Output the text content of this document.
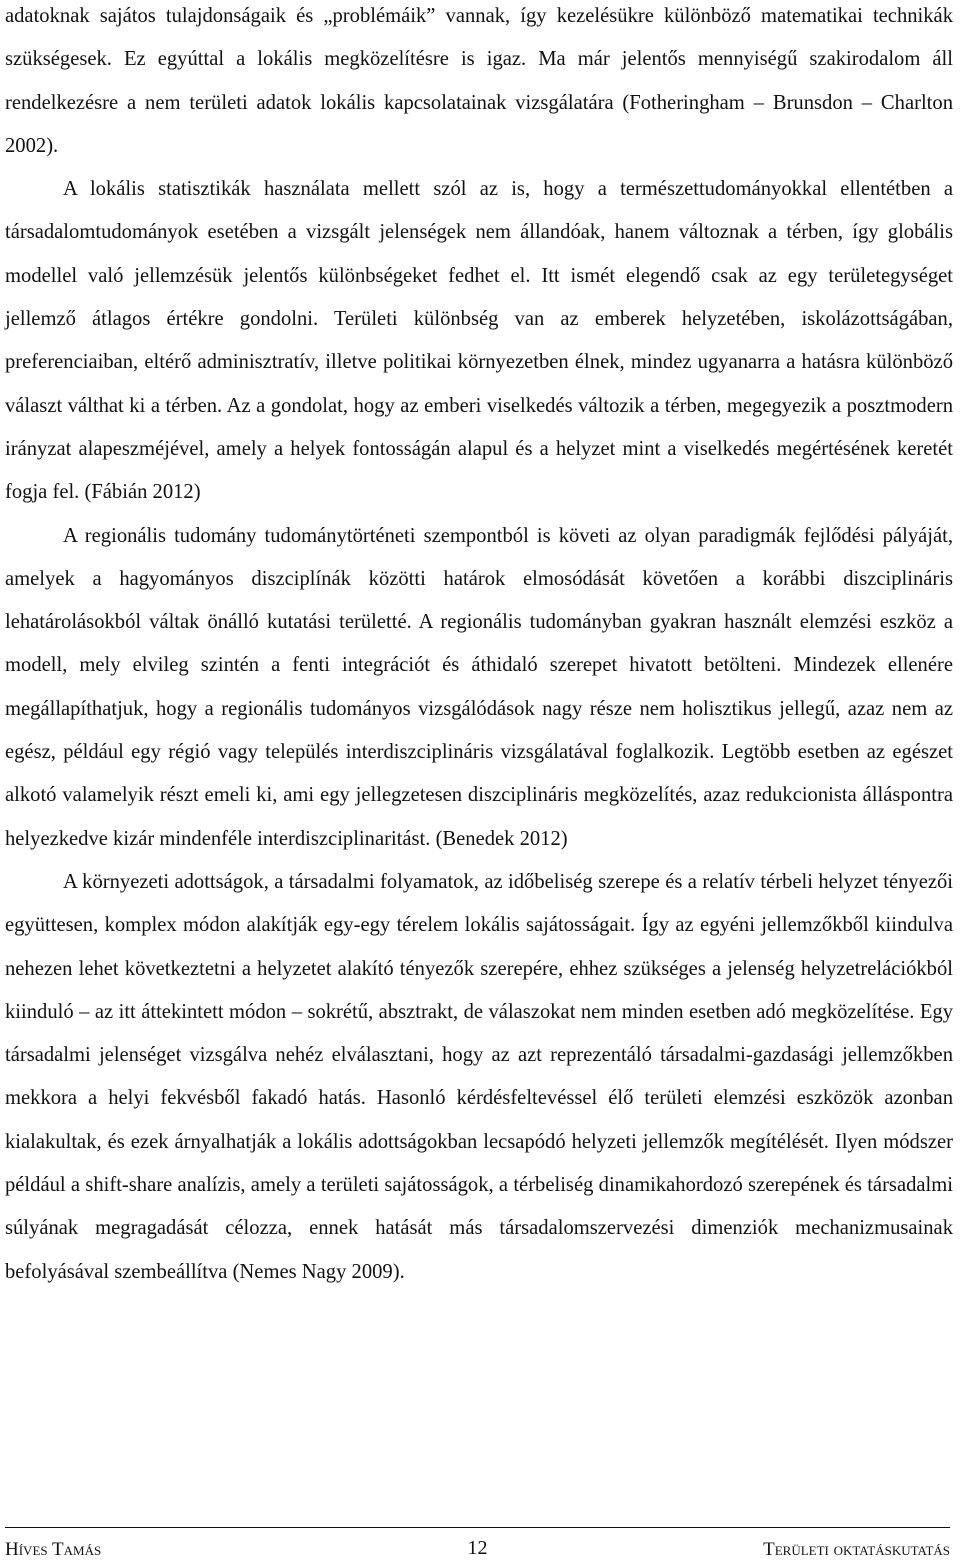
adatoknak sajátos tulajdonságaik és „problémáik” vannak, így kezelésükre különböző matematikai technikák szükségesek. Ez egyúttal a lokális megközelítésre is igaz. Ma már jelentős mennyiségű szakirodalom áll rendelkezésre a nem területi adatok lokális kapcsolatainak vizsgálatára (Fotheringham – Brunsdon – Charlton 2002).

A lokális statisztikák használata mellett szól az is, hogy a természettudományokkal ellentétben a társadalomtudományok esetében a vizsgált jelenségek nem állandóak, hanem változnak a térben, így globális modellel való jellemzésük jelentős különbségeket fedhet el. Itt ismét elegendő csak az egy területegységet jellemző átlagos értékre gondolni. Területi különbség van az emberek helyzetében, iskolázottságában, preferenciaiban, eltérő adminisztratív, illetve politikai környezetben élnek, mindez ugyanarra a hatásra különböző választ válthat ki a térben. Az a gondolat, hogy az emberi viselkedés változik a térben, megegyezik a posztmodern irányzat alapeszméjével, amely a helyek fontosságán alapul és a helyzet mint a viselkedés megértésének keretét fogja fel. (Fábián 2012)

A regionális tudomány tudománytörténeti szempontból is követi az olyan paradigmák fejlődési pályáját, amelyek a hagyományos diszciplínák közötti határok elmosódását követően a korábbi diszciplináris lehatárolásokból váltak önálló kutatási területté. A regionális tudományban gyakran használt elemzési eszköz a modell, mely elvileg szintén a fenti integrációt és áthidaló szerepet hivatott betölteni. Mindezek ellenére megállapíthatjuk, hogy a regionális tudományos vizsgálódások nagy része nem holisztikus jellegű, azaz nem az egész, például egy régió vagy település interdiszciplináris vizsgálatával foglalkozik. Legtöbb esetben az egészet alkotó valamelyik részt emeli ki, ami egy jellegzetesen diszciplináris megközelítés, azaz redukcionista álláspontra helyezkedve kizár mindenféle interdiszciplinaritást. (Benedek 2012)

A környezeti adottságok, a társadalmi folyamatok, az időbeliség szerepe és a relatív térbeli helyzet tényezői együttesen, komplex módon alakítják egy-egy térelem lokális sajátosságait. Így az egyéni jellemzőkből kiindulva nehezen lehet következtetni a helyzetet alakító tényezők szerepére, ehhez szükséges a jelenség helyzetrelációkból kiinduló – az itt áttekintett módon – sokrétű, absztrakt, de válaszokat nem minden esetben adó megközelítése. Egy társadalmi jelenséget vizsgálva nehéz elválasztani, hogy az azt reprezentáló társadalmi-gazdasági jellemzőkben mekkora a helyi fekvésből fakadó hatás. Hasonló kérdésfeltevéssel élő területi elemzési eszközök azonban kialakultak, és ezek árnyalhatják a lokális adottságokban lecsapódó helyzeti jellemzők megítélését. Ilyen módszer például a shift-share analízis, amely a területi sajátosságok, a térbeliség dinamikahordozó szerepének és társadalmi súlyának megragadását célozza, ennek hatását más társadalomszervezési dimenziók mechanizmusainak befolyásával szembeállítva (Nemes Nagy 2009).

Híves Tamás	12	Területi oktatáskutatás
